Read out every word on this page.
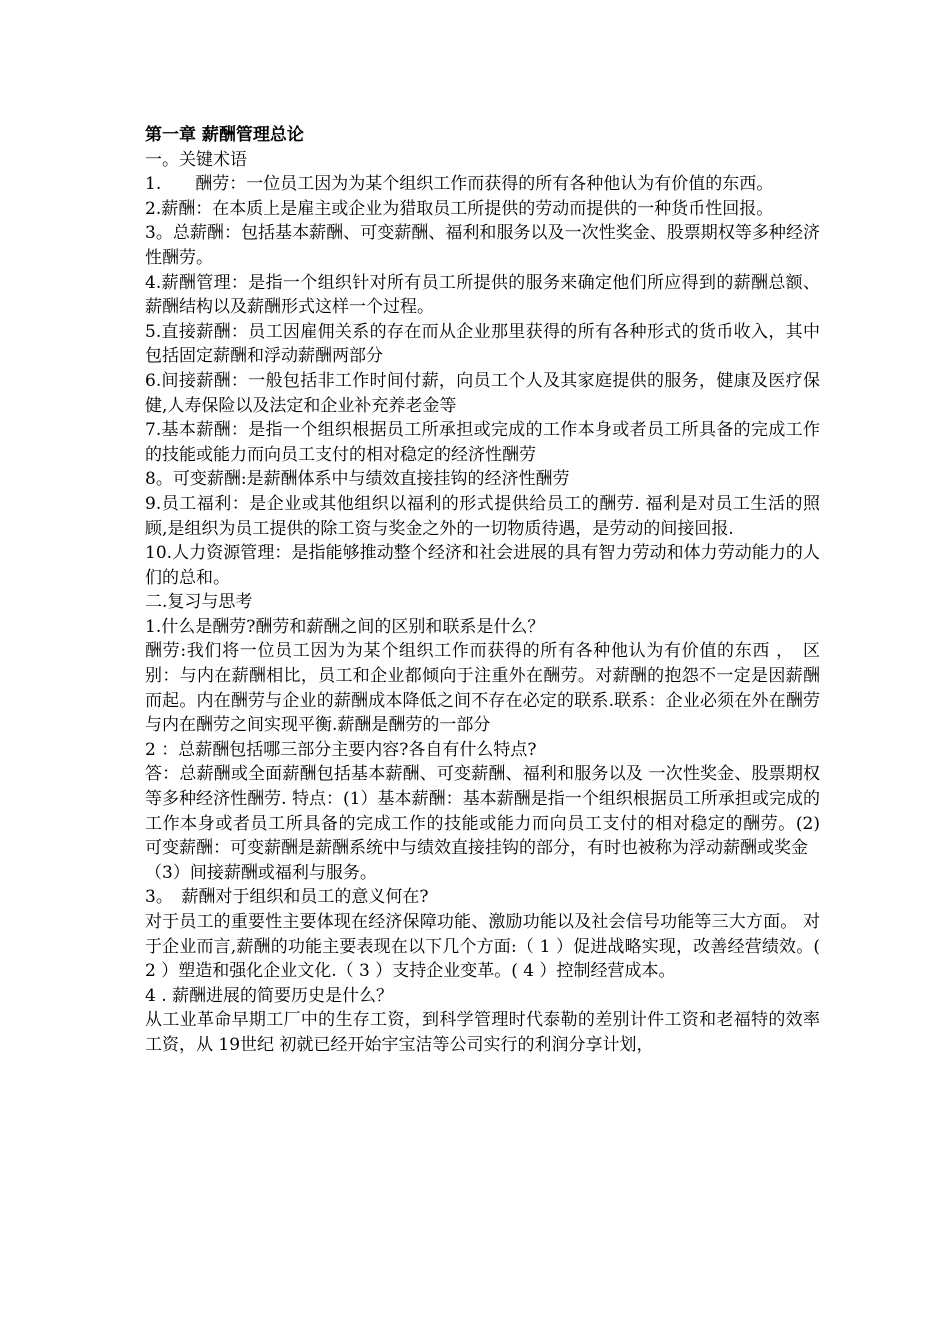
第一章 薪酬管理总论

一。关键术语

1.　　酬劳：一位员工因为为某个组织工作而获得的所有各种他认为有价值的东西。

2.薪酬：在本质上是雇主或企业为猎取员工所提供的劳动而提供的一种货币性回报。

3。总薪酬：包括基本薪酬、可变薪酬、福利和服务以及一次性奖金、股票期权等多种经济性酬劳。

4.薪酬管理：是指一个组织针对所有员工所提供的服务来确定他们所应得到的薪酬总额、薪酬结构以及薪酬形式这样一个过程。

5.直接薪酬：员工因雇佣关系的存在而从企业那里获得的所有各种形式的货币收入，其中包括固定薪酬和浮动薪酬两部分

6.间接薪酬：一般包括非工作时间付薪，向员工个人及其家庭提供的服务，健康及医疗保健,人寿保险以及法定和企业补充养老金等

7.基本薪酬：是指一个组织根据员工所承担或完成的工作本身或者员工所具备的完成工作的技能或能力而向员工支付的相对稳定的经济性酬劳

8。可变薪酬:是薪酬体系中与绩效直接挂钩的经济性酬劳

9.员工福利：是企业或其他组织以福利的形式提供给员工的酬劳. 福利是对员工生活的照顾,是组织为员工提供的除工资与奖金之外的一切物质待遇，是劳动的间接回报.

10.人力资源管理：是指能够推动整个经济和社会进展的具有智力劳动和体力劳动能力的人们的总和。

二.复习与思考

1.什么是酬劳?酬劳和薪酬之间的区别和联系是什么？

酬劳:我们将一位员工因为为某个组织工作而获得的所有各种他认为有价值的东西 ，　区别：与内在薪酬相比，员工和企业都倾向于注重外在酬劳。对薪酬的抱怨不一定是因薪酬而起。内在酬劳与企业的薪酬成本降低之间不存在必定的联系.联系：企业必须在外在酬劳与内在酬劳之间实现平衡.薪酬是酬劳的一部分

2 ：总薪酬包括哪三部分主要内容?各自有什么特点?

答：总薪酬或全面薪酬包括基本薪酬、可变薪酬、福利和服务以及 一次性奖金、股票期权等多种经济性酬劳. 特点：(1）基本薪酬：基本薪酬是指一个组织根据员工所承担或完成的工作本身或者员工所具备的完成工作的技能或能力而向员工支付的相对稳定的酬劳。(2)　可变薪酬：可变薪酬是薪酬系统中与绩效直接挂钩的部分，有时也被称为浮动薪酬或奖金

（3）间接薪酬或福利与服务。

3。　薪酬对于组织和员工的意义何在?

对于员工的重要性主要体现在经济保障功能、激励功能以及社会信号功能等三大方面。 对于企业而言,薪酬的功能主要表现在以下几个方面:（ 1 ）促进战略实现，改善经营绩效。( 2 ）塑造和强化企业文化.（ 3 ）支持企业变革。( 4 ）控制经营成本。

4 . 薪酬进展的简要历史是什么？

从工业革命早期工厂中的生存工资，到科学管理时代泰勒的差别计件工资和老福特的效率工资，从 19世纪 初就已经开始宇宝洁等公司实行的利润分享计划，
